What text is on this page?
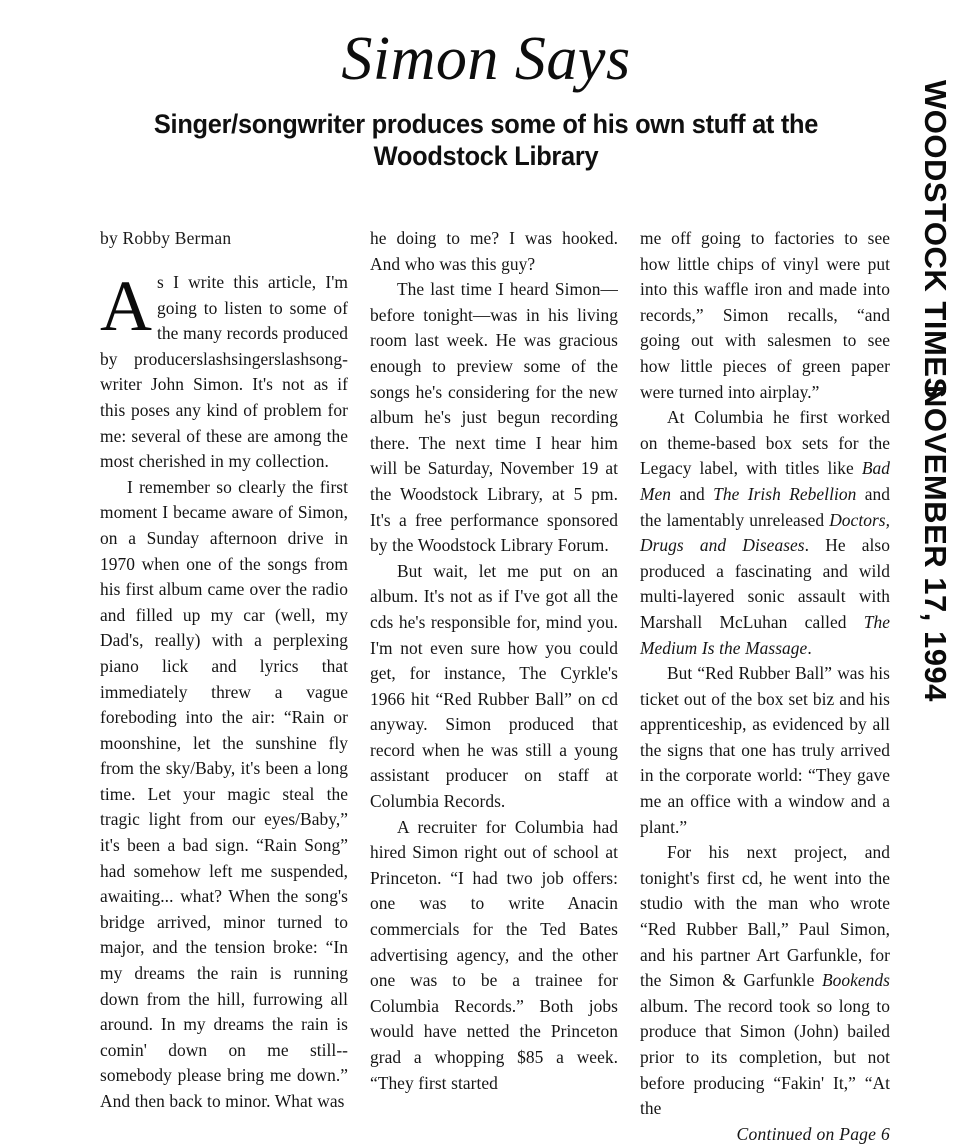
WOODSTOCK TIMES
NOVEMBER 17, 1994
Simon Says
Singer/songwriter produces some of his own stuff at the Woodstock Library
by Robby Berman

As I write this article, I'm going to listen to some of the many records produced by producerslashsingerslashsong-writer John Simon. It's not as if this poses any kind of problem for me: several of these are among the most cherished in my collection.

I remember so clearly the first moment I became aware of Simon, on a Sunday afternoon drive in 1970 when one of the songs from his first album came over the radio and filled up my car (well, my Dad's, really) with a perplexing piano lick and lyrics that immediately threw a vague foreboding into the air: “Rain or moonshine, let the sunshine fly from the sky/Baby, it's been a long time. Let your magic steal the tragic light from our eyes/Baby,” it's been a bad sign. “Rain Song” had somehow left me suspended, awaiting... what? When the song's bridge arrived, minor turned to major, and the tension broke: “In my dreams the rain is running down from the hill, furrowing all around. In my dreams the rain is comin' down on me still--somebody please bring me down.” And then back to minor. What was

he doing to me? I was hooked. And who was this guy?

The last time I heard Simon—before tonight—was in his living room last week. He was gracious enough to preview some of the songs he's considering for the new album he's just begun recording there. The next time I hear him will be Saturday, November 19 at the Woodstock Library, at 5 pm. It's a free performance sponsored by the Woodstock Library Forum.

But wait, let me put on an album. It's not as if I've got all the cds he's responsible for, mind you. I'm not even sure how you could get, for instance, The Cyrkle's 1966 hit “Red Rubber Ball” on cd anyway. Simon produced that record when he was still a young assistant producer on staff at Columbia Records.

A recruiter for Columbia had hired Simon right out of school at Princeton. “I had two job offers: one was to write Anacin commercials for the Ted Bates advertising agency, and the other one was to be a trainee for Columbia Records.” Both jobs would have netted the Princeton grad a whopping $85 a week. “They first started

me off going to factories to see how little chips of vinyl were put into this waffle iron and made into records,” Simon recalls, “and going out with salesmen to see how little pieces of green paper were turned into airplay.”

At Columbia he first worked on theme-based box sets for the Legacy label, with titles like Bad Men and The Irish Rebellion and the lamentably unreleased Doctors, Drugs and Diseases. He also produced a fascinating and wild multi-layered sonic assault with Marshall McLuhan called The Medium Is the Massage.

But “Red Rubber Ball” was his ticket out of the box set biz and his apprenticeship, as evidenced by all the signs that one has truly arrived in the corporate world: “They gave me an office with a window and a plant.”

For his next project, and tonight's first cd, he went into the studio with the man who wrote “Red Rubber Ball,” Paul Simon, and his partner Art Garfunkle, for the Simon & Garfunkle Bookends album. The record took so long to produce that Simon (John) bailed prior to its completion, but not before producing “Fakin' It,” “At the

Continued on Page 6
